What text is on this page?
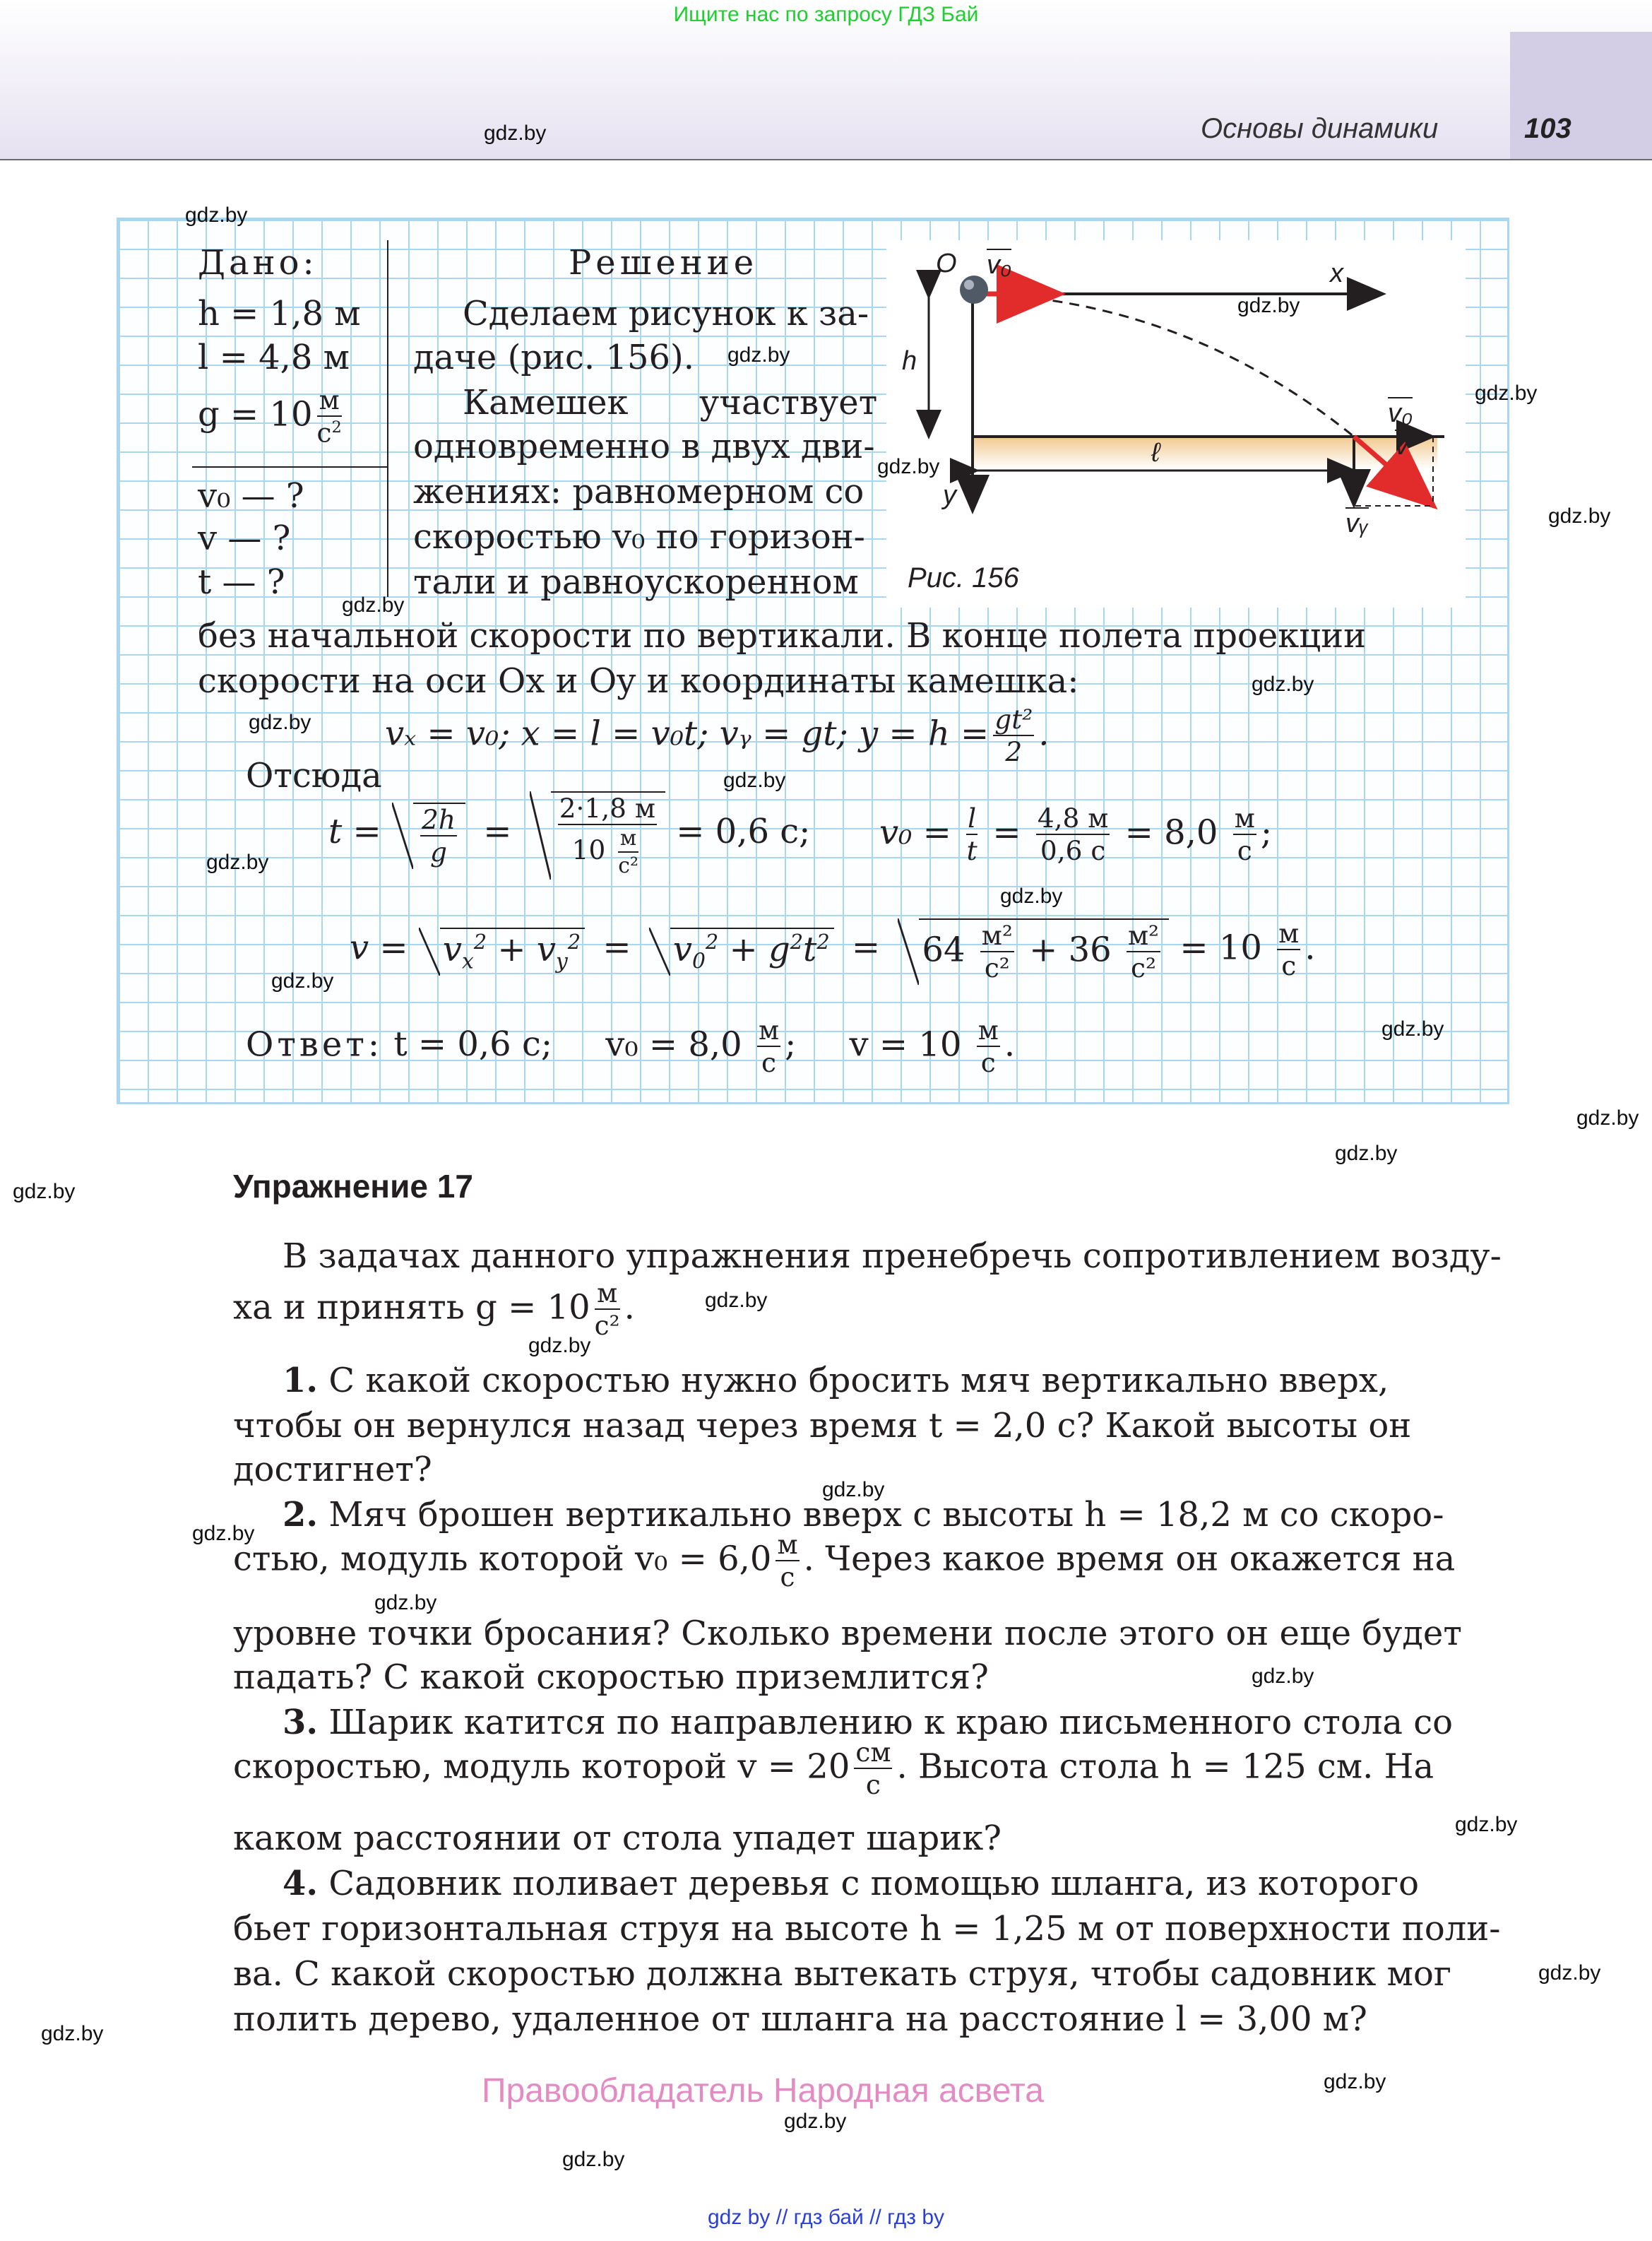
Ищите нас по запросу ГДЗ Бай
Основы динамики	103
Дано:
h = 1,8 м
l = 4,8 м
$g = 10 \frac{м}{с^2}$
v₀ — ?
v — ?
t — ?
Решение
Сделаем рисунок к за-
даче (рис. 156).
Камешек участвует
одновременно в двух дви-
жениях: равномерном со
скоростью v₀ по горизон-
тали и равноускоренном
без начальной скорости по вертикали. В конце полета проекции
скорости на оси Ox и Oy и координаты камешка:
vₓ = v₀; x = l = v₀t; vᵧ = gt; $y = h = \frac{\text{gt²}}{2}$ .
Отсюда
$t = \frac{2h}{g} = \frac{2\cdot 1,8 м}{10 \frac{м}{\text{с²}}} = 0,6$ с; $v_0 = \frac{l}{t} = \frac{4,8 м}{0,6 с} = 8,0 \frac{м}{с}$ ;
$v = v_x^2 + v_y^2 = v_0^2 + g^2t^2 = 64 \frac{\text{м²}}{\text{с²}} + 36 \frac{\text{м²}}{\text{с²}} = 10 \frac{м}{с}$ .
Ответ: t = 0,6 с; $v_0 = 8,0 \frac{м}{с}$ ; $v = 10 \frac{м}{с}$ .
O v₀	x
h
ℓ
y
v₀
v
vᵧ
Рис. 156
Упражнение 17
В задачах данного упражнения пренебречь сопротивлением возду-
ха и принять $g = 10 \frac{м}{\text{с²}}$ .
1. С какой скоростью нужно бросить мяч вертикально вверх,
чтобы он вернулся назад через время t = 2,0 с? Какой высоты он
достигнет?
2. Мяч брошен вертикально вверх с высоты h = 18,2 м со скоро-
стью, модуль которой $v_0 = 6,0 \frac{м}{с}$ . Через какое время он окажется на
уровне точки бросания? Сколько времени после этого он еще будет
падать? С какой скоростью приземлится?
3. Шарик катится по направлению к краю письменного стола со
скоростью, модуль которой $v = 20 \frac{см}{с}$ . Высота стола h = 125 см. На
каком расстоянии от стола упадет шарик?
4. Садовник поливает деревья с помощью шланга, из которого
бьет горизонтальная струя на высоте h = 1,25 м от поверхности поли-
ва. С какой скоростью должна вытекать струя, чтобы садовник мог
полить дерево, удаленное от шланга на расстояние l = 3,00 м?
Правообладатель Народная асвета
gdz by // гдз бай // гдз by
gdz.by
gdz.by
gdz.by
gdz.by
gdz.by
gdz.by
gdz.by
gdz.by
gdz.by
gdz.by
gdz.by
gdz.by
gdz.by
gdz.by
gdz.by
gdz.by
gdz.by
gdz.by
gdz.by
gdz.by
gdz.by
gdz.by
gdz.by
gdz.by
gdz.by
gdz.by
gdz.by
gdz.by
gdz.by
gdz.by
